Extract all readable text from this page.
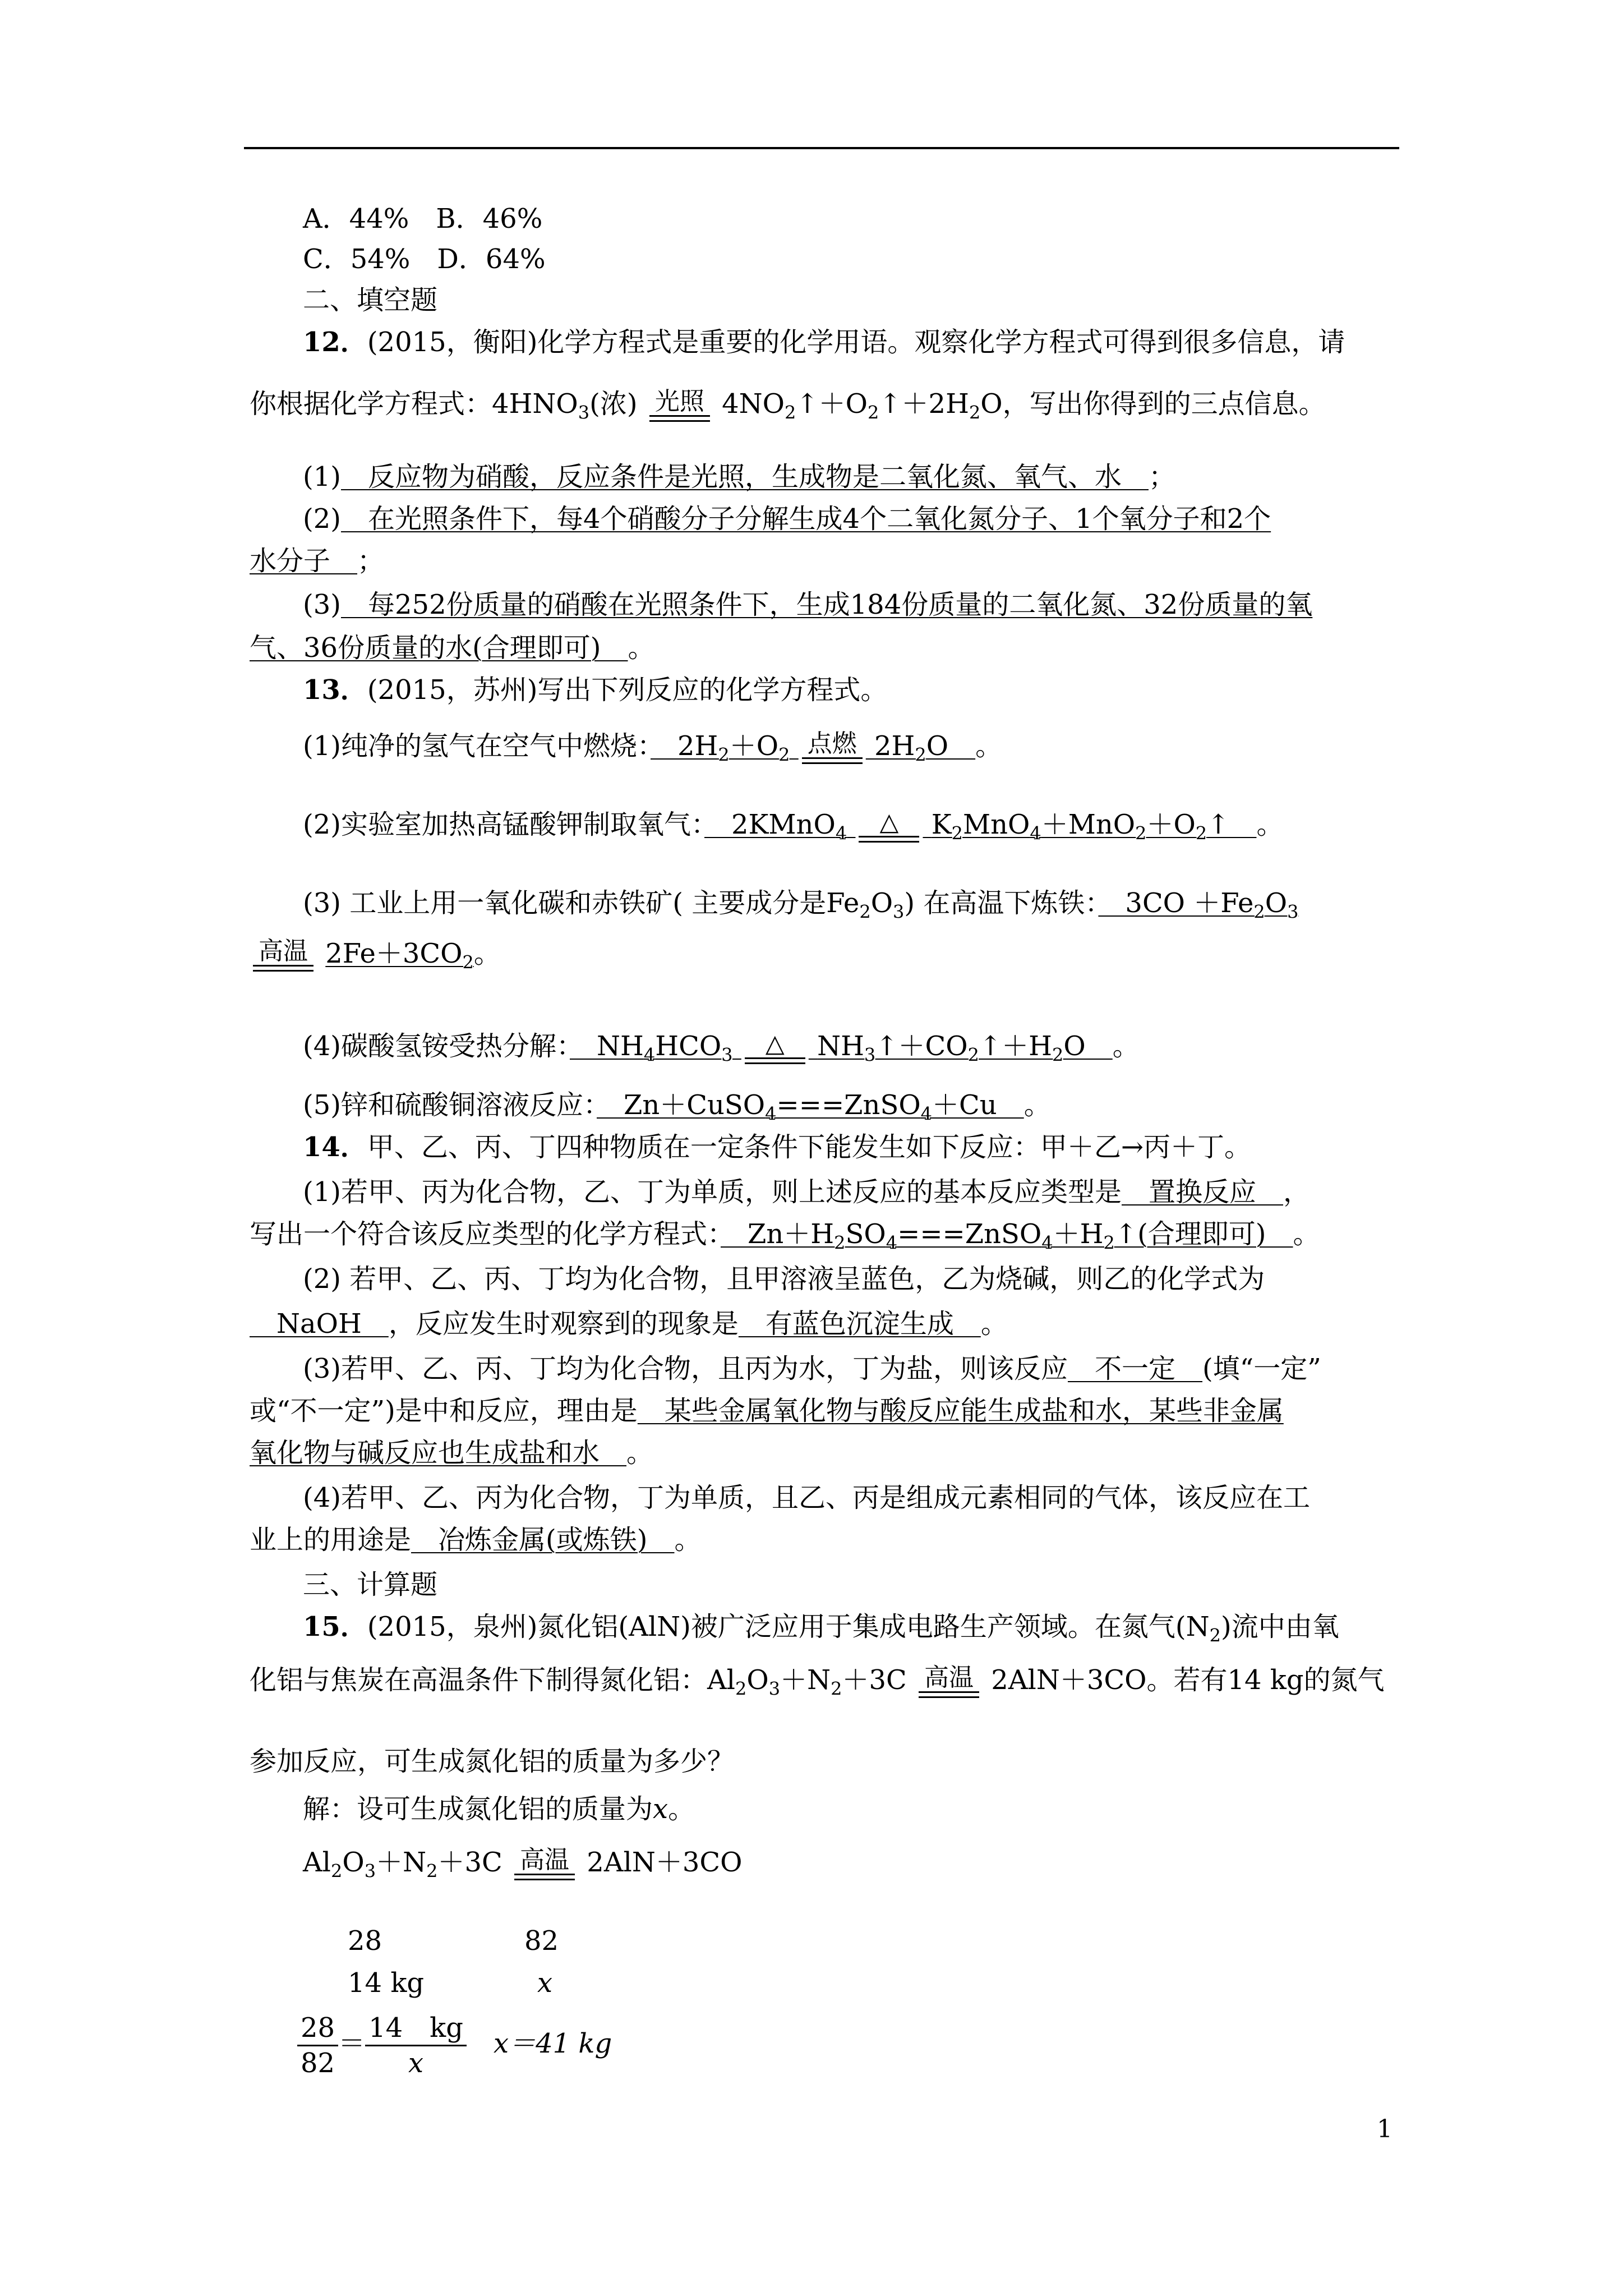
A．44%　B．46%
C．54%　D．64%
二、填空题
12．(2015，衡阳)化学方程式是重要的化学用语。观察化学方程式可得到很多信息，请
你根据化学方程式：$4HNO_3$(浓) 光照 $4NO_2↑+O_2↑+2H_2O$，写出你得到的三点信息。
(1)　反应物为硝酸，反应条件是光照，生成物是二氧化氮、氧气、水　；
(2)　在光照条件下，每4个硝酸分子分解生成4个二氧化氮分子、1个氧分子和2个
水分子　；
(3)　每252份质量的硝酸在光照条件下，生成184份质量的二氧化氮、32份质量的氧
气、36份质量的水(合理即可)　。
13．(2015，苏州)写出下列反应的化学方程式。
(1)纯净的氢气在空气中燃烧：　$2H_2+O_2$ 点燃 $2H_2O$　。
(2)实验室加热高锰酸钾制取氧气：　2KMnO$_4$	△	$K_2MnO_4+MnO_2+O_2↑$　。
(3) 工业上用一氧化碳和赤铁矿( 主要成分是$Fe_2O_3$) 在高温下炼铁：　$3CO +Fe_2O_3$
高温 $2Fe+3CO_2$。
(4)碳酸氢铵受热分解：　$NH_4HCO_3$	△	$NH_3↑+CO_2↑+H_2O$　。
(5)锌和硫酸铜溶液反应：　Zn＋CuSO$_4$===ZnSO$_4$＋Cu　。
14．甲、乙、丙、丁四种物质在一定条件下能发生如下反应：甲＋乙→丙＋丁。
(1)若甲、丙为化合物，乙、丁为单质，则上述反应的基本反应类型是　置换反应　，
写出一个符合该反应类型的化学方程式：　$Zn+H_2SO_4===ZnSO_4+H_2↑$(合理即可)　。
(2) 若甲、乙、丙、丁均为化合物，且甲溶液呈蓝色，乙为烧碱，则乙的化学式为
　NaOH　，反应发生时观察到的现象是　有蓝色沉淀生成　。
(3)若甲、乙、丙、丁均为化合物，且丙为水，丁为盐，则该反应　不一定　(填“一定”
或“不一定”)是中和反应，理由是　某些金属氧化物与酸反应能生成盐和水，某些非金属
氧化物与碱反应也生成盐和水　。
(4)若甲、乙、丙为化合物，丁为单质，且乙、丙是组成元素相同的气体，该反应在工
业上的用途是　冶炼金属(或炼铁)　。
三、计算题
15．(2015，泉州)氮化铝(AlN)被广泛应用于集成电路生产领域。在氮气$(N_2)$流中由氧
化铝与焦炭在高温条件下制得氮化铝：$Al_2O_3+N_2+3C$ 高温 2AlN＋3CO。若有14 kg的氮气
参加反应，可生成氮化铝的质量为多少？
解：设可生成氮化铝的质量为x。
$Al_2O_3+N_2+3C$ 高温 2AlN＋3CO
28	82
14 kg	x
$\frac{28}{82} = \frac{14 kg}{x}$
　 x＝41 kg
1
